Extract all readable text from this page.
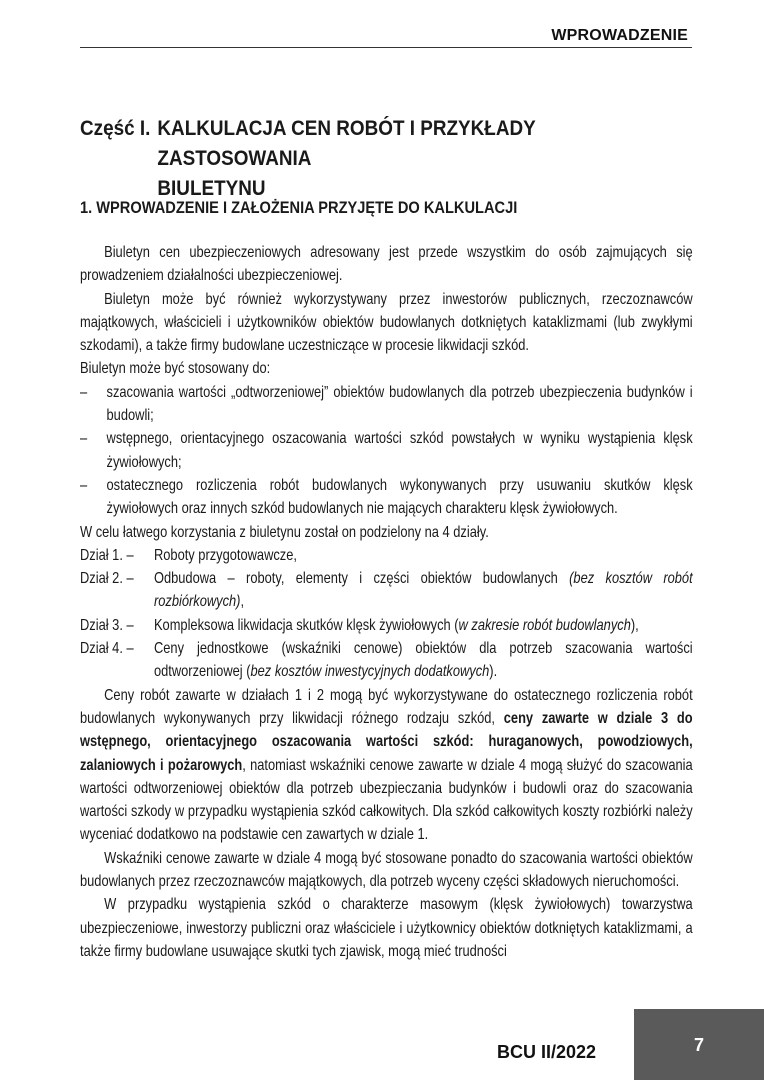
WPROWADZENIE
Część I. KALKULACJA CEN ROBÓT I PRZYKŁADY ZASTOSOWANIA
BIULETYNU
1. WPROWADZENIE I ZAŁOŻENIA PRZYJĘTE DO KALKULACJI

Biuletyn cen ubezpieczeniowych adresowany jest przede wszystkim do osób zajmujących się prowadzeniem działalności ubezpieczeniowej.

Biuletyn może być również wykorzystywany przez inwestorów publicznych, rzeczoznawców majątkowych, właścicieli i użytkowników obiektów budowlanych dotkniętych kataklizmami (lub zwykłymi szkodami), a także firmy budowlane uczestniczące w procesie likwidacji szkód.

Biuletyn może być stosowany do:

–	szacowania wartości „odtworzeniowej” obiektów budowlanych dla potrzeb ubezpieczenia budynków i budowli;
–	wstępnego, orientacyjnego oszacowania wartości szkód powstałych w wyniku wystąpienia klęsk żywiołowych;
–	ostatecznego rozliczenia robót budowlanych wykonywanych przy usuwaniu skutków klęsk żywiołowych oraz innych szkód budowlanych nie mających charakteru klęsk żywiołowych.

W celu łatwego korzystania z biuletynu został on podzielony na 4 działy.

Dział 1. –	Roboty przygotowawcze,
Dział 2. –	Odbudowa – roboty, elementy i części obiektów budowlanych (bez kosztów robót rozbiórkowych),
Dział 3. –	Kompleksowa likwidacja skutków klęsk żywiołowych (w zakresie robót budowlanych),
Dział 4. –	Ceny jednostkowe (wskaźniki cenowe) obiektów dla potrzeb szacowania wartości odtworzeniowej (bez kosztów inwestycyjnych dodatkowych).

Ceny robót zawarte w działach 1 i 2 mogą być wykorzystywane do ostatecznego rozliczenia robót budowlanych wykonywanych przy likwidacji różnego rodzaju szkód, ceny zawarte w dziale 3 do wstępnego, orientacyjnego oszacowania wartości szkód: huraganowych, powodziowych, zalaniowych i pożarowych, natomiast wskaźniki cenowe zawarte w dziale 4 mogą służyć do szacowania wartości odtworzeniowej obiektów dla potrzeb ubezpieczania budynków i budowli oraz do szacowania wartości szkody w przypadku wystąpienia szkód całkowitych. Dla szkód całkowitych koszty rozbiórki należy wyceniać dodatkowo na podstawie cen zawartych w dziale 1.

Wskaźniki cenowe zawarte w dziale 4 mogą być stosowane ponadto do szacowania wartości obiektów budowlanych przez rzeczoznawców majątkowych, dla potrzeb wyceny części składowych nieruchomości.

W przypadku wystąpienia szkód o charakterze masowym (klęsk żywiołowych) towarzystwa ubezpieczeniowe, inwestorzy publiczni oraz właściciele i użytkownicy obiektów dotkniętych kataklizmami, a także firmy budowlane usuwające skutki tych zjawisk, mogą mieć trudności

BCU II/2022	7
